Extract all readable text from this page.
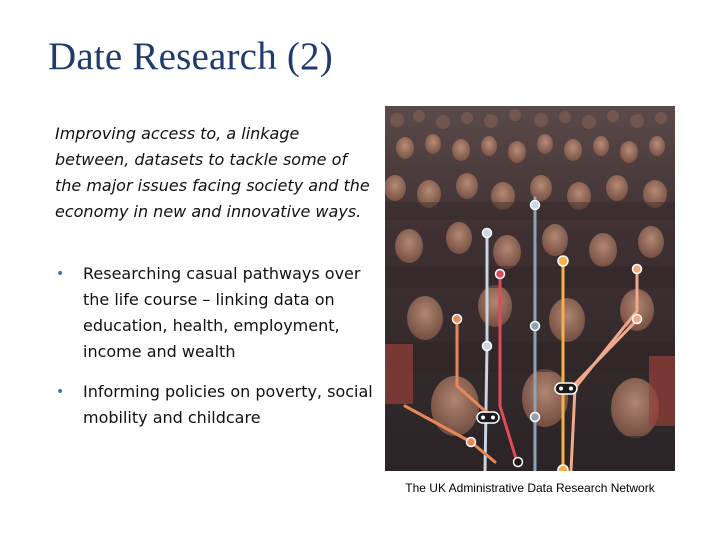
Date Research (2)
Improving access to, a linkage between, datasets to tackle some of the major issues facing society and the economy in new and innovative ways.
• Researching casual pathways over the life course – linking data on education, health, employment, income and wealth
• Informing policies on poverty, social mobility and childcare
The UK Administrative Data Research Network
